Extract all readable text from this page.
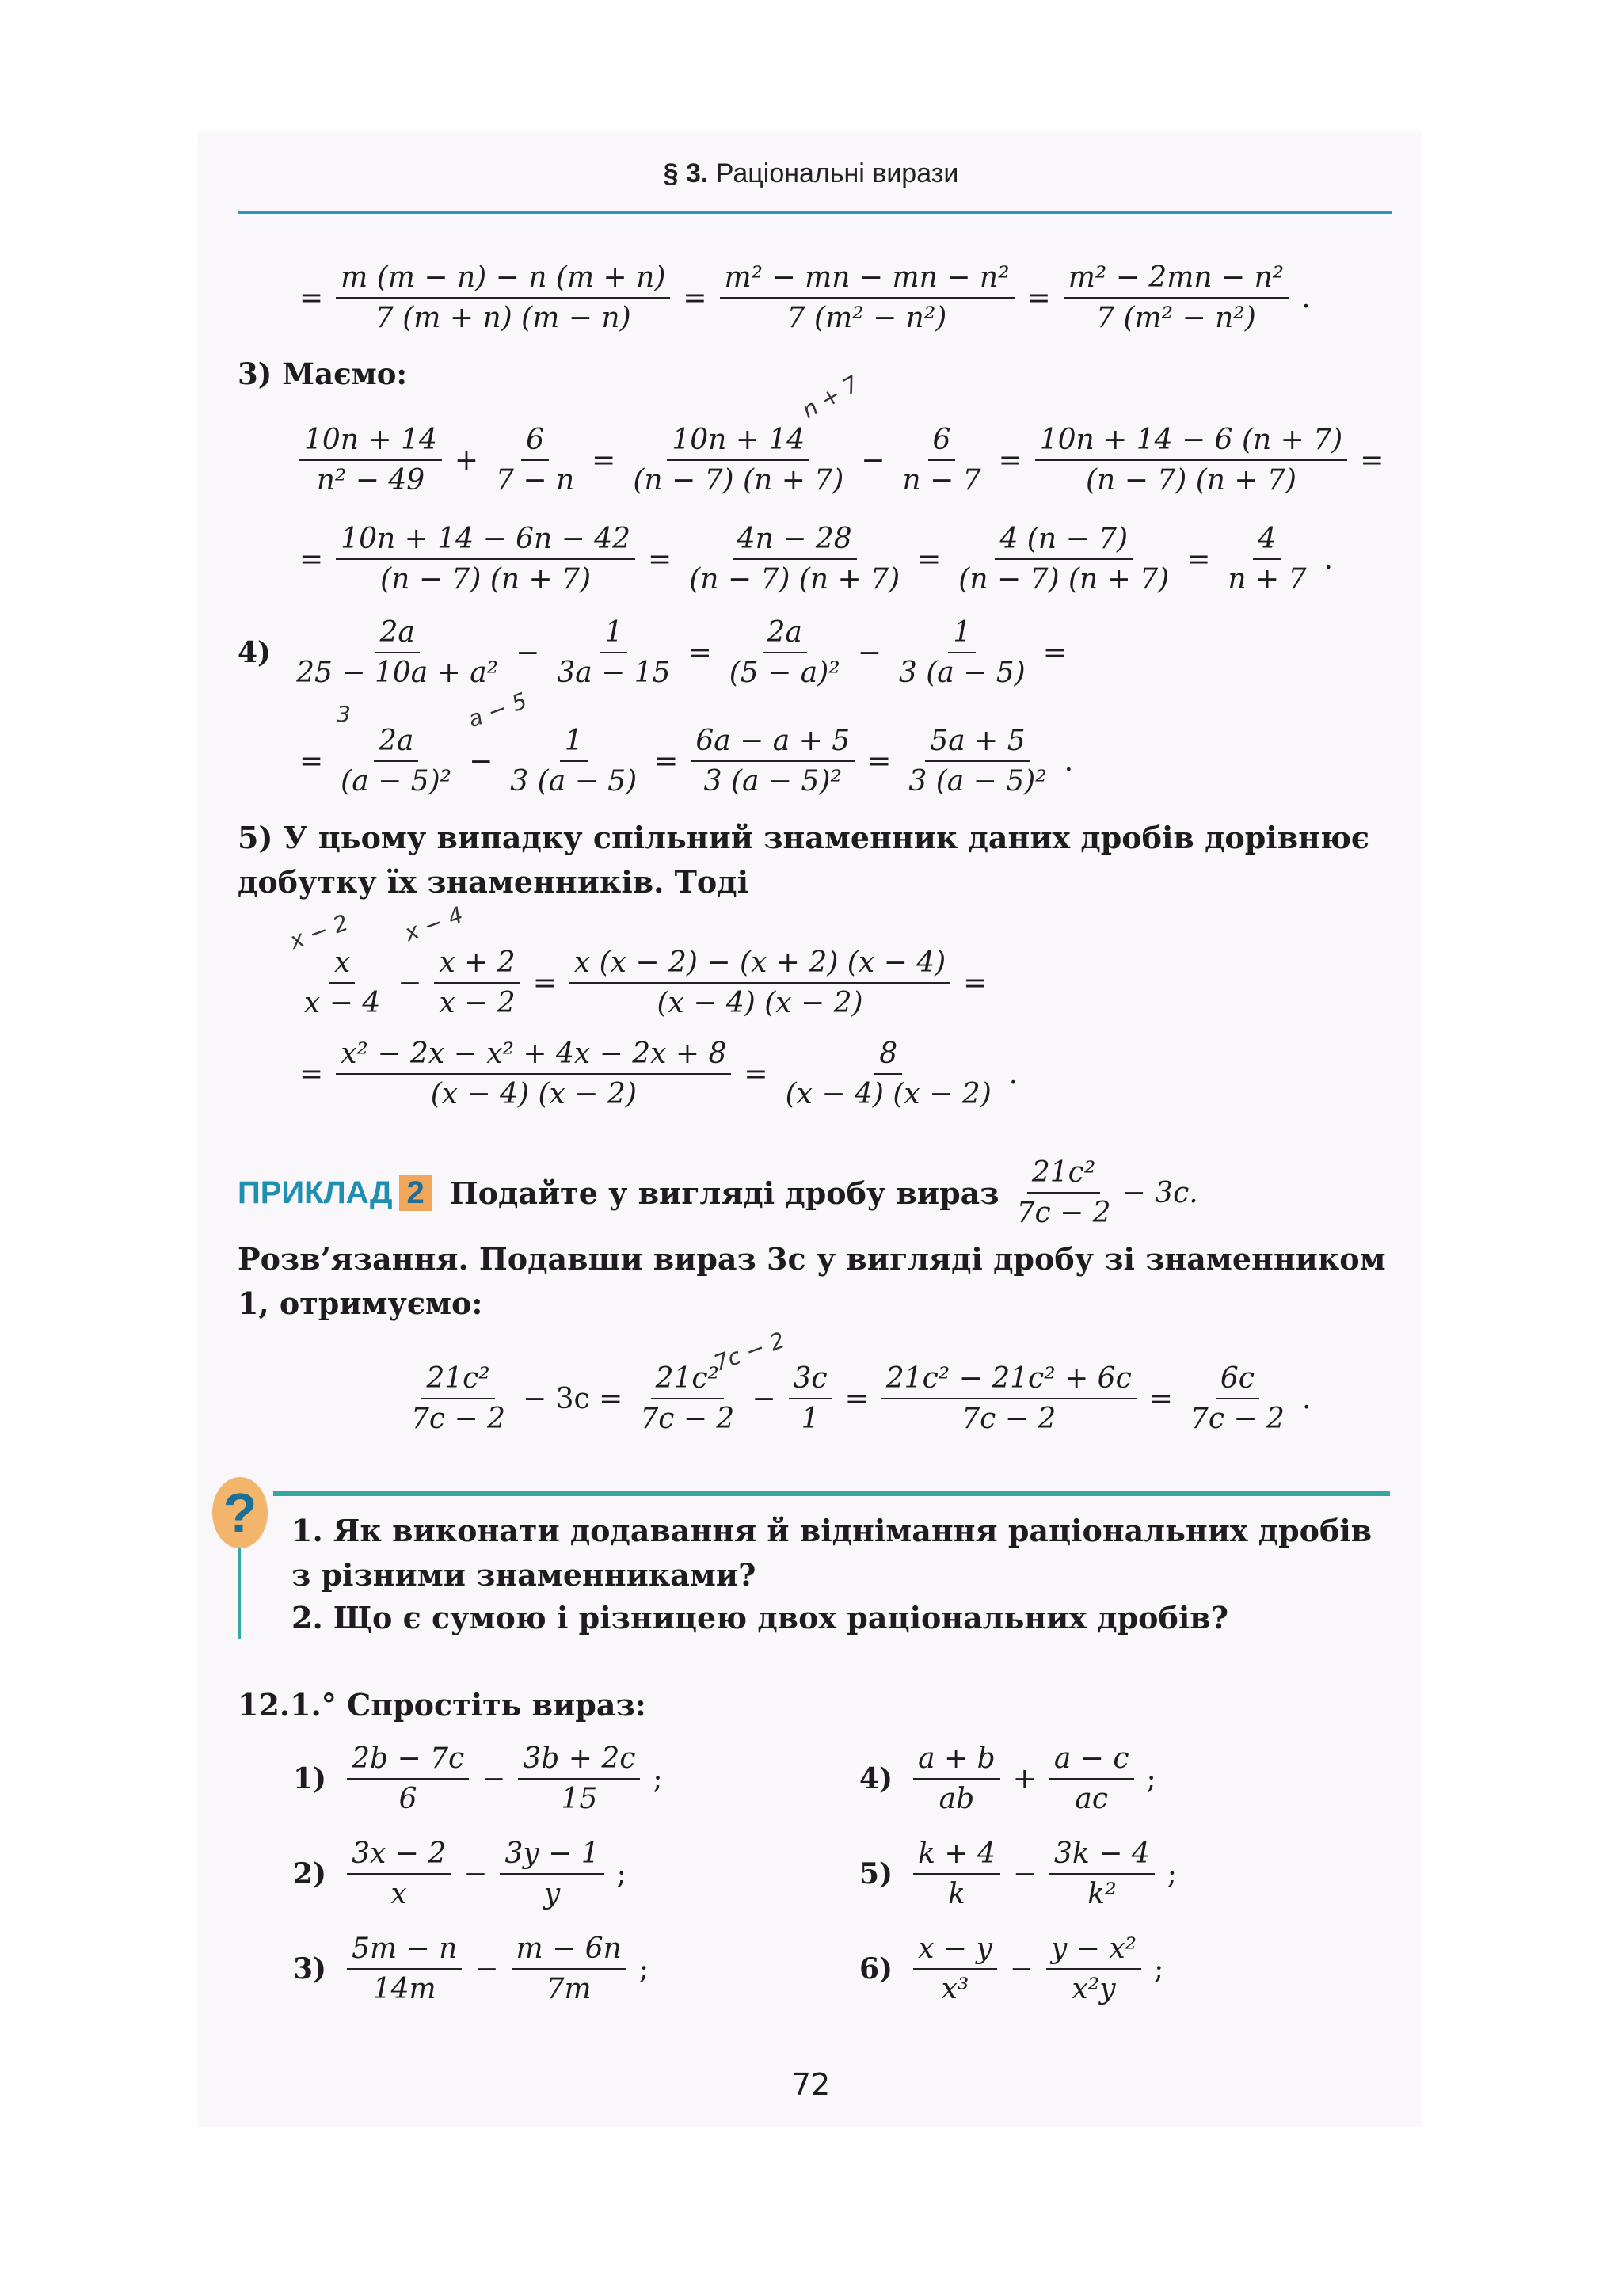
§ 3. Раціональні вирази
= $\frac{m (m - n) - n (m + n)}{7 (m + n) (m - n)} = \frac{\text{m² − mn − mn − n²}}{\text{7 (m² − n²)}} = \frac{\text{m² − 2mn − n²}}{\text{7 (m² − n²)}}$ .
3) Маємо:	n + 7
10n + 14
n² − 49
+ $\frac{6}{7 - n} = \frac{10n + 14}{(n - 7) (n + 7)} - \frac{6}{n - 7} = \frac{10n + 14 - 6 (n + 7)}{(n - 7) (n + 7)}$ =
= $\frac{10n + 14 - 6n - 42}{(n - 7) (n + 7)} = \frac{4n - 28}{(n - 7) (n + 7)} = \frac{4 (n - 7)}{(n - 7) (n + 7)} = \frac{4}{n + 7}$ .
4)
2a
25 − 10a + a²
− $\frac{1}{3a - 15} = \frac{2a}{\text{(5 − a)²}} - \frac{1}{3 (a - 5)}$ =
3	a − 5
= $\frac{2a}{\text{(a − 5)²}} - \frac{1}{3 (a - 5)} = \frac{6a - a + 5}{\text{3 (a − 5)²}} = \frac{5a + 5}{\text{3 (a − 5)²}}$ .
5) У цьому випадку спільний знаменник даних дробів дорівнює добутку їх знаменників. Тоді
x − 2 x − 4
x
x − 4
− $\frac{x + 2}{x - 2} = \frac{x (x - 2) - (x + 2) (x - 4)}{(x - 4) (x - 2)}$ =
= $\frac{\text{x² − 2x − x² + 4x − 2x + 8}}{(x - 4) (x - 2)} = \frac{8}{(x - 4) (x - 2)}$ .
ПРИКЛАД 2 Подайте у вигляді дробу вираз
21c²
7c − 2
− 3c.
Розв’язання. Подавши вираз 3c у вигляді дробу зі знаменником 1, отримуємо:
7c − 2
21c²
7c − 2
− $3c = \frac{\text{21c²}}{7c - 2} - \frac{3c}{1} = \frac{\text{21c² − 21c² + 6c}}{7c - 2} = \frac{6c}{7c - 2}$ .
?	1. Як виконати додавання й віднімання раціональних дробів з різними знаменниками?
2. Що є сумою і різницею двох раціональних дробів?
12.1.° Спростіть вираз:
$1) \frac{2b - 7c}{6} - \frac{3b + 2c}{15}$ ;
$2) \frac{3x - 2}{x} - \frac{3y - 1}{y}$ ;
$3) \frac{5m - n}{14m} - \frac{m - 6n}{7m}$ ;
$4) \frac{a + b}{ab} + \frac{a - c}{ac}$ ;
$5) \frac{k + 4}{k} - \frac{3k - 4}{\text{k²}}$ ;
$6) \frac{x - y}{\text{x³}} - \frac{\text{y − x²}}{\text{x²y}}$ ;
72
